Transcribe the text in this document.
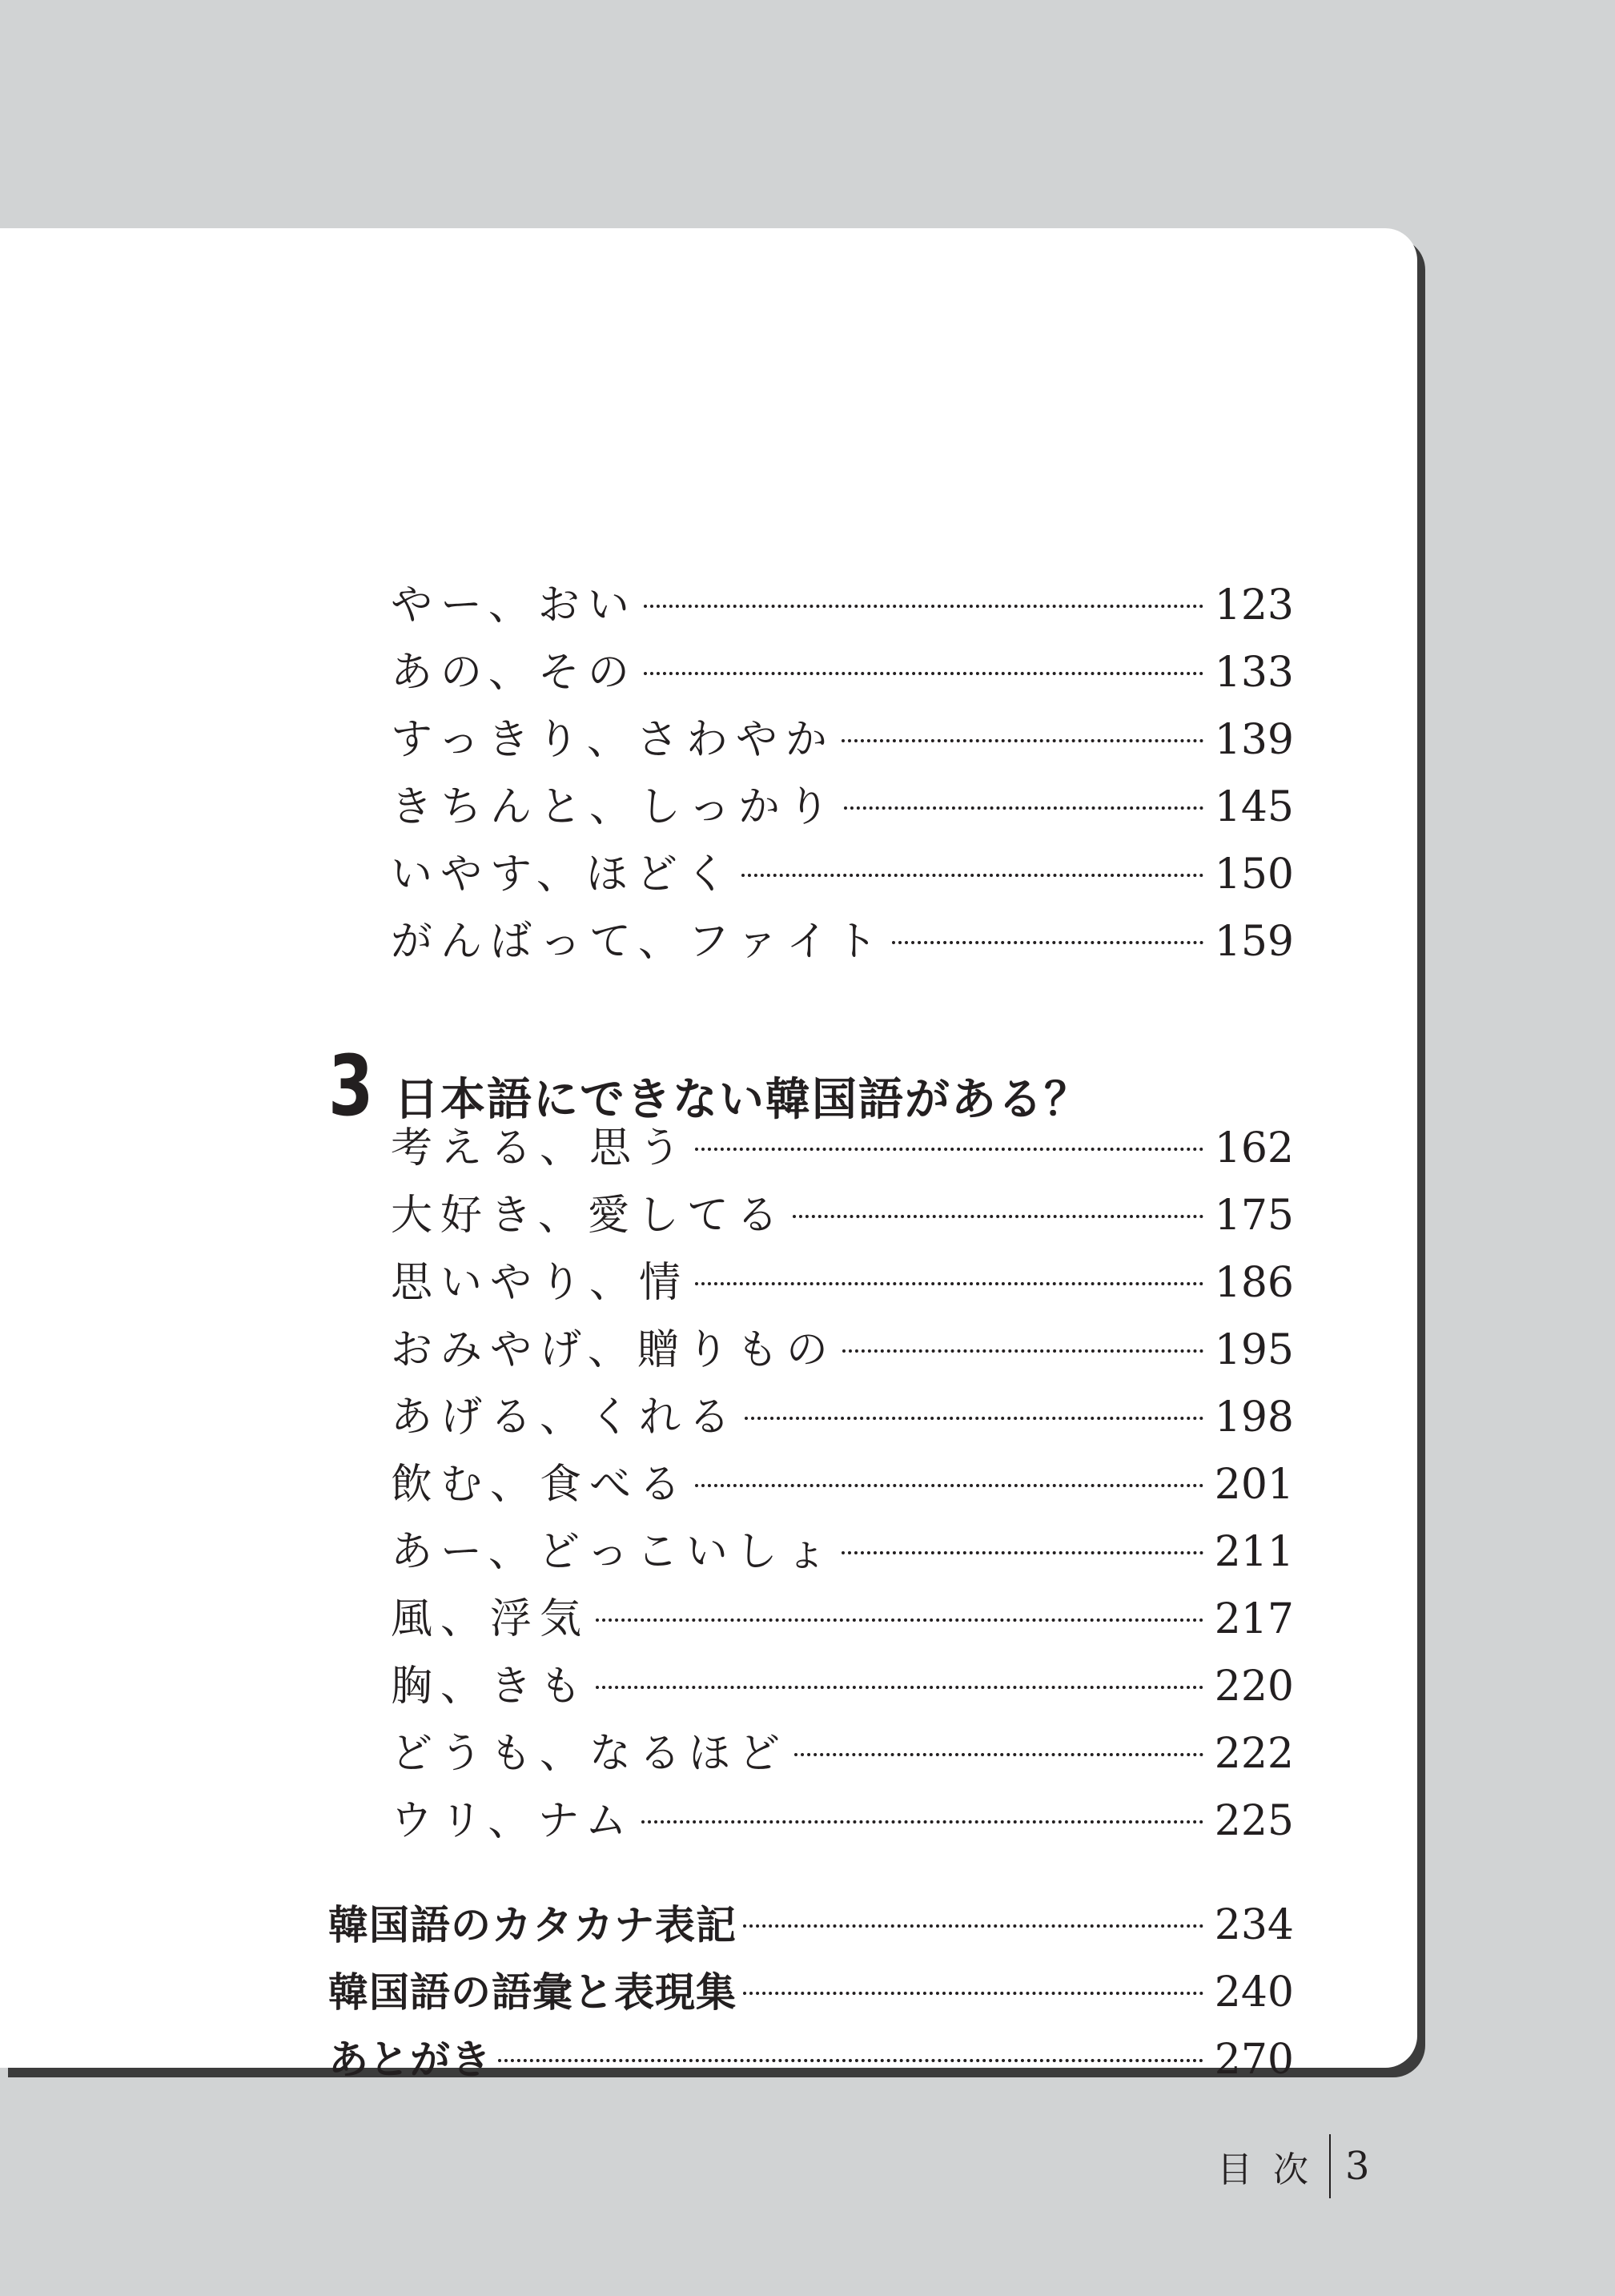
やー、おい	123
あの、その	133
すっきり、さわやか	139
きちんと、しっかり	145
いやす、ほどく	150
がんばって、ファイト	159
3 日本語にできない韓国語がある？
考える、思う	162
大好き、愛してる	175
思いやり、情	186
おみやげ、贈りもの	195
あげる、くれる	198
飲む、食べる	201
あー、どっこいしょ	211
風、浮気	217
胸、きも	220
どうも、なるほど	222
ウリ、ナム	225
韓国語のカタカナ表記	234
韓国語の語彙と表現集	240
あとがき	270
目次 3
